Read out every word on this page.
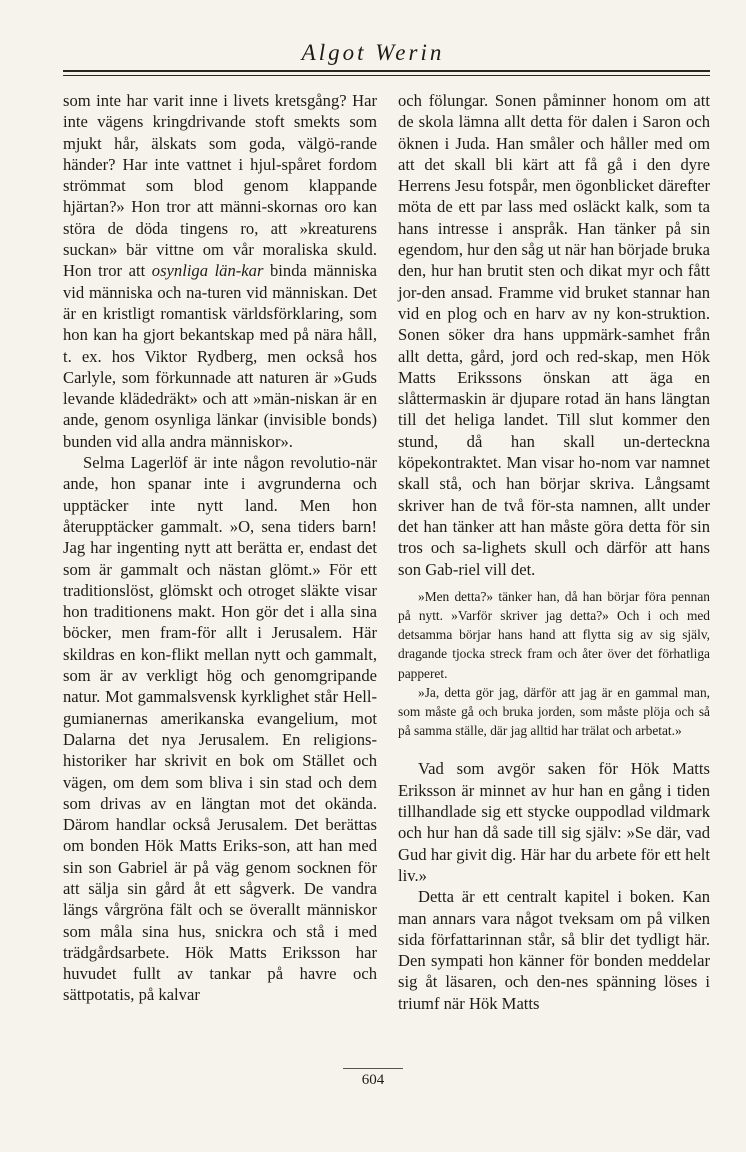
Algot Werin

som inte har varit inne i livets kretsgång? Har inte vägens kringdrivande stoft smekts som mjukt hår, älskats som goda, välgö-rande händer? Har inte vattnet i hjul-spåret fordom strömmat som blod genom klappande hjärtan?» Hon tror att männi-skornas oro kan störa de döda tingens ro, att »kreaturens suckan» bär vittne om vår moraliska skuld. Hon tror att osynliga län-kar binda människa vid människa och na-turen vid människan. Det är en kristligt romantisk världsförklaring, som hon kan ha gjort bekantskap med på nära håll, t. ex. hos Viktor Rydberg, men också hos Carlyle, som förkunnade att naturen är »Guds levande klädedräkt» och att »män-niskan är en ande, genom osynliga länkar (invisible bonds) bunden vid alla andra människor».

Selma Lagerlöf är inte någon revolutio-när ande, hon spanar inte i avgrunderna och upptäcker inte nytt land. Men hon återupptäcker gammalt. »O, sena tiders barn! Jag har ingenting nytt att berätta er, endast det som är gammalt och nästan glömt.» För ett traditionslöst, glömskt och otroget släkte visar hon traditionens makt. Hon gör det i alla sina böcker, men fram-för allt i Jerusalem. Här skildras en kon-flikt mellan nytt och gammalt, som är av verkligt hög och genomgripande natur. Mot gammalsvensk kyrklighet står Hell-gumianernas amerikanska evangelium, mot Dalarna det nya Jerusalem. En religions-historiker har skrivit en bok om Stället och vägen, om dem som bliva i sin stad och dem som drivas av en längtan mot det okända. Därom handlar också Jerusalem. Det berättas om bonden Hök Matts Eriks-son, att han med sin son Gabriel är på väg genom socknen för att sälja sin gård åt ett sågverk. De vandra längs vårgröna fält och se överallt människor som måla sina hus, snickra och stå i med trädgårdsarbete. Hök Matts Eriksson har huvudet fullt av tankar på havre och sättpotatis, på kalvar

och fölungar. Sonen påminner honom om att de skola lämna allt detta för dalen i Saron och öknen i Juda. Han småler och håller med om att det skall bli kärt att få gå i den dyre Herrens Jesu fotspår, men ögonblicket därefter möta de ett par lass med osläckt kalk, som ta hans intresse i anspråk. Han tänker på sin egendom, hur den såg ut när han började bruka den, hur han brutit sten och dikat myr och fått jor-den ansad. Framme vid bruket stannar han vid en plog och en harv av ny kon-struktion. Sonen söker dra hans uppmärk-samhet från allt detta, gård, jord och red-skap, men Hök Matts Erikssons önskan att äga en slåttermaskin är djupare rotad än hans längtan till det heliga landet. Till slut kommer den stund, då han skall un-derteckna köpekontraktet. Man visar ho-nom var namnet skall stå, och han börjar skriva. Långsamt skriver han de två för-sta namnen, allt under det han tänker att han måste göra detta för sin tros och sa-lighets skull och därför att hans son Gab-riel vill det.

»Men detta?» tänker han, då han börjar föra pennan på nytt. »Varför skriver jag detta?» Och i och med detsamma börjar hans hand att flytta sig av sig själv, dragande tjocka streck fram och åter över det förhatliga papperet.

»Ja, detta gör jag, därför att jag är en gammal man, som måste gå och bruka jorden, som måste plöja och så på samma ställe, där jag alltid har trälat och arbetat.»

Vad som avgör saken för Hök Matts Eriksson är minnet av hur han en gång i tiden tillhandlade sig ett stycke ouppodlad vildmark och hur han då sade till sig själv: »Se där, vad Gud har givit dig. Här har du arbete för ett helt liv.»

Detta är ett centralt kapitel i boken. Kan man annars vara något tveksam om på vilken sida författarinnan står, så blir det tydligt här. Den sympati hon känner för bonden meddelar sig åt läsaren, och den-nes spänning löses i triumf när Hök Matts

604
